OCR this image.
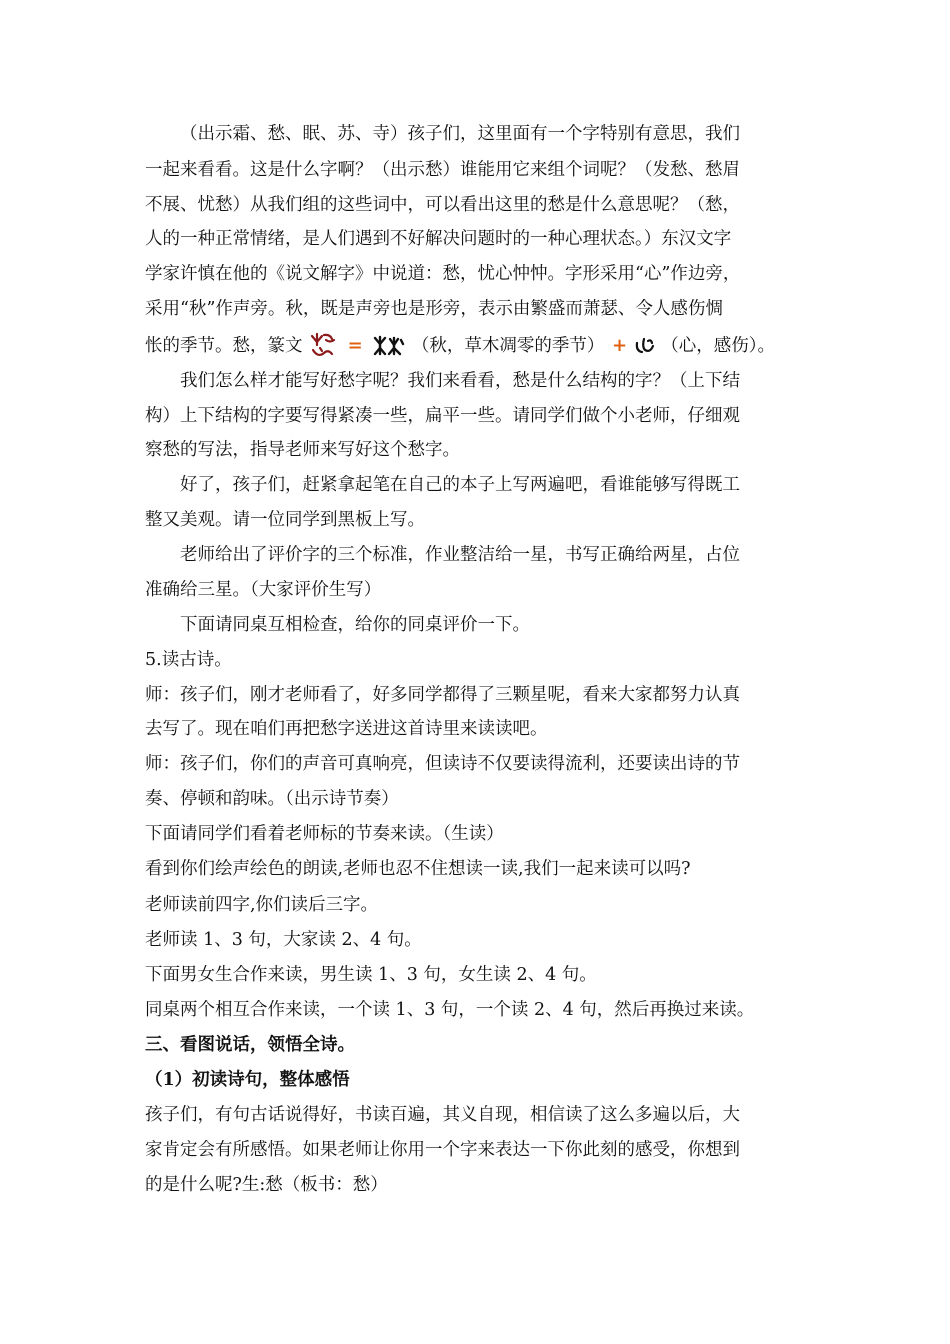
（出示霜、愁、眠、苏、寺）孩子们，这里面有一个字特别有意思，我们
一起来看看。这是什么字啊？（出示愁）谁能用它来组个词呢？（发愁、愁眉
不展、忧愁）从我们组的这些词中，可以看出这里的愁是什么意思呢？（愁，
人的一种正常情绪，是人们遇到不好解决问题时的一种心理状态。）东汉文字
学家许慎在他的《说文解字》中说道：愁，忧心忡忡。字形采用“心”作边旁，
采用“秋”作声旁。秋，既是声旁也是形旁，表示由繁盛而萧瑟、令人感伤惆
怅的季节。愁，篆文	=	（秋，草木凋零的季节） + （心，感伤）。
我们怎么样才能写好愁字呢？我们来看看，愁是什么结构的字？（上下结
构）上下结构的字要写得紧凑一些，扁平一些。请同学们做个小老师，仔细观
察愁的写法，指导老师来写好这个愁字。
好了，孩子们，赶紧拿起笔在自己的本子上写两遍吧，看谁能够写得既工
整又美观。请一位同学到黑板上写。
老师给出了评价字的三个标准，作业整洁给一星，书写正确给两星，占位
准确给三星。（大家评价生写）
下面请同桌互相检查，给你的同桌评价一下。
5.读古诗。
师：孩子们，刚才老师看了，好多同学都得了三颗星呢，看来大家都努力认真
去写了。现在咱们再把愁字送进这首诗里来读读吧。
师：孩子们，你们的声音可真响亮，但读诗不仅要读得流利，还要读出诗的节
奏、停顿和韵味。（出示诗节奏）
下面请同学们看着老师标的节奏来读。（生读）
看到你们绘声绘色的朗读,老师也忍不住想读一读,我们一起来读可以吗?
老师读前四字,你们读后三字。
老师读 1、3 句，大家读 2、4 句。
下面男女生合作来读，男生读 1、3 句，女生读 2、4 句。
同桌两个相互合作来读，一个读 1、3 句，一个读 2、4 句，然后再换过来读。
三、看图说话，领悟全诗。
（1）初读诗句，整体感悟
孩子们，有句古话说得好，书读百遍，其义自现，相信读了这么多遍以后，大
家肯定会有所感悟。如果老师让你用一个字来表达一下你此刻的感受，你想到
的是什么呢?生:愁（板书：愁）
